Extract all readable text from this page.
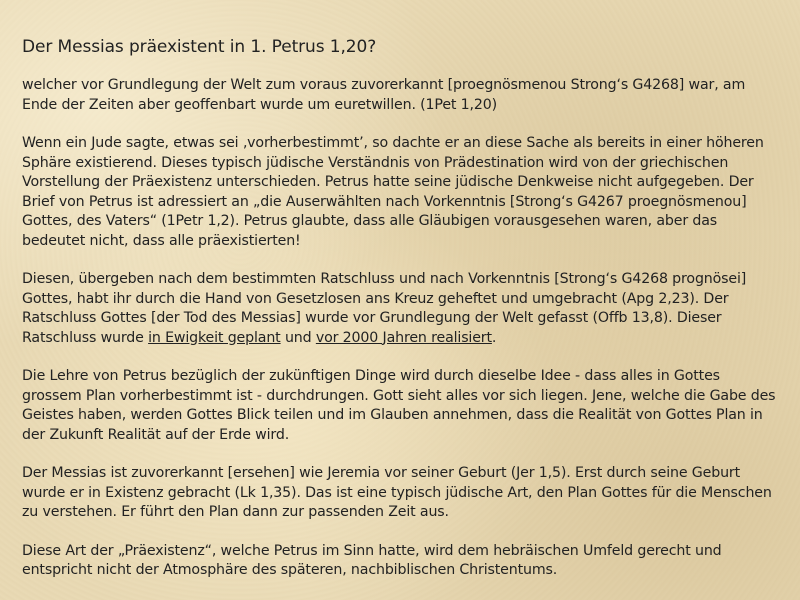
Der Messias präexistent in 1. Petrus 1,20?
welcher vor Grundlegung der Welt zum voraus zuvorerkannt [proegnösmenou Strong‘s G4268] war, am Ende der Zeiten aber geoffenbart wurde um euretwillen. (1Pet 1,20)
Wenn ein Jude sagte, etwas sei ‚vorherbestimmt’, so dachte er an diese Sache als bereits in einer höheren Sphäre existierend. Dieses typisch jüdische Verständnis von Prädestination wird von der griechischen Vorstellung der Präexistenz unterschieden. Petrus hatte seine jüdische Denkweise nicht aufgegeben. Der Brief von Petrus ist adressiert an „die Auserwählten nach Vorkenntnis [Strong‘s G4267 proegnösmenou] Gottes, des Vaters“ (1Petr 1,2). Petrus glaubte, dass alle Gläubigen vorausgesehen waren, aber das bedeutet nicht, dass alle präexistierten!
Diesen, übergeben nach dem bestimmten Ratschluss und nach Vorkenntnis [Strong‘s G4268 prognösei] Gottes, habt ihr durch die Hand von Gesetzlosen ans Kreuz geheftet und umgebracht (Apg 2,23). Der Ratschluss Gottes [der Tod des Messias] wurde vor Grundlegung der Welt gefasst (Offb 13,8). Dieser Ratschluss wurde in Ewigkeit geplant und vor 2000 Jahren realisiert.
Die Lehre von Petrus bezüglich der zukünftigen Dinge wird durch dieselbe Idee - dass alles in Gottes grossem Plan vorherbestimmt ist - durchdrungen. Gott sieht alles vor sich liegen. Jene, welche die Gabe des Geistes haben, werden Gottes Blick teilen und im Glauben annehmen, dass die Realität von Gottes Plan in der Zukunft Realität auf der Erde wird.
Der Messias ist zuvorerkannt [ersehen] wie Jeremia vor seiner Geburt (Jer 1,5). Erst durch seine Geburt wurde er in Existenz gebracht (Lk 1,35). Das ist eine typisch jüdische Art, den Plan Gottes für die Menschen zu verstehen. Er führt den Plan dann zur passenden Zeit aus.
Diese Art der „Präexistenz“, welche Petrus im Sinn hatte, wird dem hebräischen Umfeld gerecht und entspricht nicht der Atmosphäre des späteren, nachbiblischen Christentums.
